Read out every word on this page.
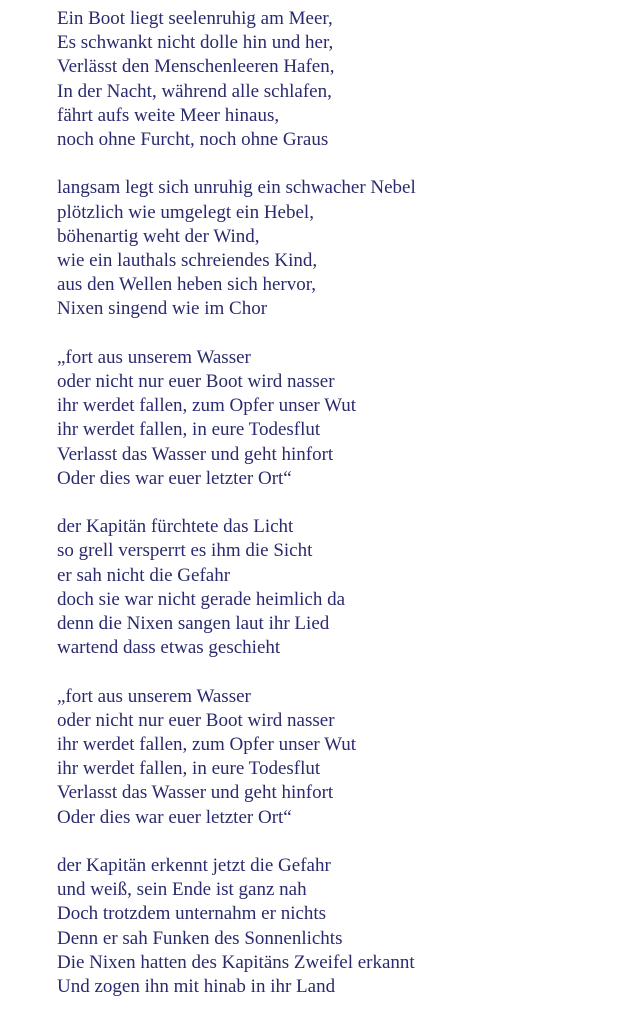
Ein Boot liegt seelenruhig am Meer,
Es schwankt nicht dolle hin und her,
Verlässt den Menschenleeren Hafen,
In der Nacht, während alle schlafen,
fährt aufs weite Meer hinaus,
noch ohne Furcht, noch ohne Graus
langsam legt sich unruhig ein schwacher Nebel
plötzlich wie umgelegt ein Hebel,
böhenartig weht der Wind,
wie ein lauthals schreiendes Kind,
aus den Wellen heben sich hervor,
Nixen singend wie im Chor
„fort aus unserem Wasser
oder nicht nur euer Boot wird nasser
ihr werdet fallen, zum Opfer unser Wut
ihr werdet fallen, in eure Todesflut
Verlasst das Wasser und geht hinfort
Oder dies war euer letzter Ort“
der Kapitän fürchtete das Licht
so grell versperrt es ihm die Sicht
er sah nicht die Gefahr
doch sie war nicht gerade heimlich da
denn die Nixen sangen laut ihr Lied
wartend dass etwas geschieht
„fort aus unserem Wasser
oder nicht nur euer Boot wird nasser
ihr werdet fallen, zum Opfer unser Wut
ihr werdet fallen, in eure Todesflut
Verlasst das Wasser und geht hinfort
Oder dies war euer letzter Ort“
der Kapitän erkennt jetzt die Gefahr
und weiß, sein Ende ist ganz nah
Doch trotzdem unternahm er nichts
Denn er sah Funken des Sonnenlichts
Die Nixen hatten des Kapitäns Zweifel erkannt
Und zogen ihn mit hinab in ihr Land
